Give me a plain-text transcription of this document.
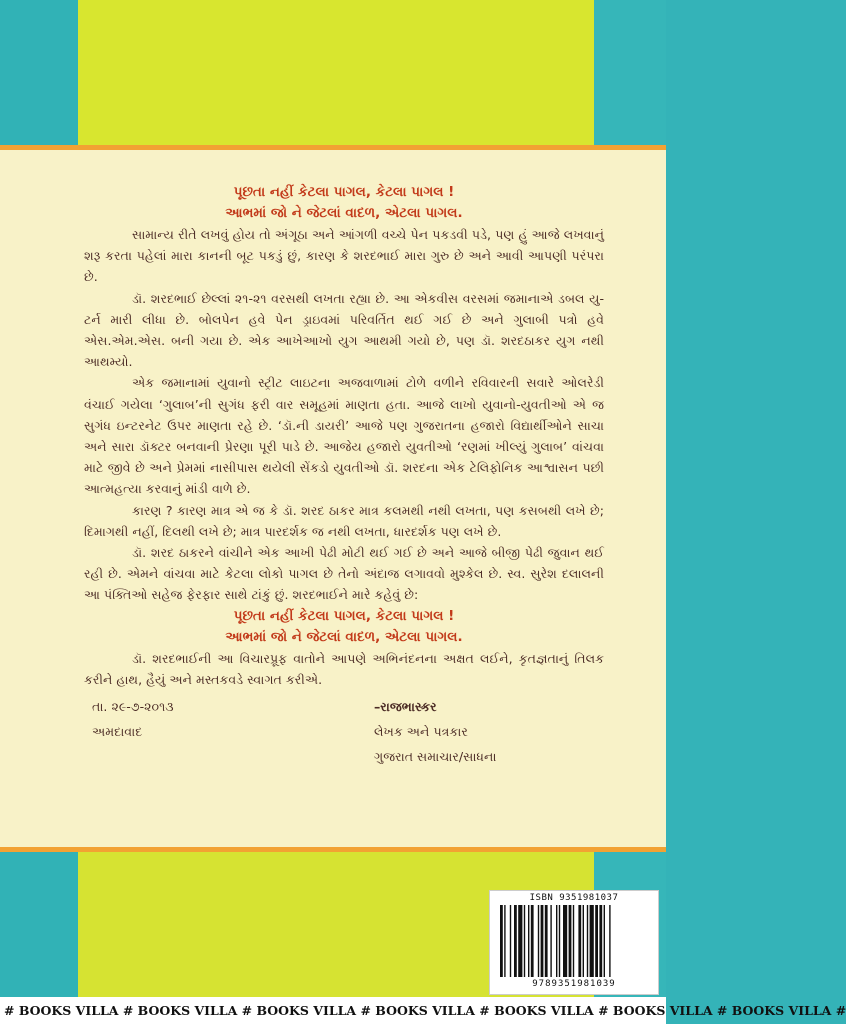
પૂછતા નહીં કેટલા પાગલ, કેટલા પાગલ !

આભમાં જો ને જેટલાં વાદળ, એટલા પાગલ.

સામાન્ય રીતે લખવું હોય તો અંગૂઠા અને આંગળી વચ્ચે પેન પકડવી પડે, પણ હું આજે લખવાનું શરૂ કરતા પહેલાં મારા કાનની બૂટ પકડું છું, કારણ કે શરદભાઈ મારા ગુરુ છે અને આવી આપણી પરંપરા છે.

ડૉ. શરદભાઈ છેલ્લાં ૨૧-૨૧ વરસથી લખતા રહ્યા છે. આ એકવીસ વરસમાં જમાનાએ ડબલ યુ-ટર્ન મારી લીધા છે. બોલપેન હવે પેન ડ્રાઇવમાં પરિવર્તિત થઈ ગઈ છે અને ગુલાબી પત્રો હવે એસ.એમ.એસ. બની ગયા છે. એક આખેઆખો યુગ આથમી ગયો છે, પણ ડૉ. શરદઠાકર યુગ નથી આથમ્યો.

એક જમાનામાં યુવાનો સ્ટ્રીટ લાઇટના અજવાળામાં ટોળે વળીને રવિવારની સવારે ઓલરેડી વંચાઈ ગયેલા ‘ગુલાબ’ની સુગંધ ફરી વાર સમૂહમાં માણતા હતા. આજે લાખો યુવાનો-યુવતીઓ એ જ સુગંધ ઇન્ટરનેટ ઉપર માણતા રહે છે. ‘ડૉ.ની ડાયરી’ આજે પણ ગુજરાતના હજારો વિદ્યાર્થીઓને સાચા અને સારા ડૉક્ટર બનવાની પ્રેરણા પૂરી પાડે છે. આજેય હજારો યુવતીઓ ‘રણમાં ખીલ્યું ગુલાબ’ વાંચવા માટે જીવે છે અને પ્રેમમાં નાસીપાસ થયેલી સેંકડો યુવતીઓ ડૉ. શરદના એક ટેલિફોનિક આશ્વાસન પછી આત્મહત્યા કરવાનું માંડી વાળે છે.

કારણ ? કારણ માત્ર એ જ કે ડૉ. શરદ ઠાકર માત્ર કલમથી નથી લખતા, પણ કસબથી લખે છે; દિમાગથી નહીં, દિલથી લખે છે; માત્ર પારદર્શક જ નથી લખતા, ધારદર્શક પણ લખે છે.

ડૉ. શરદ ઠાકરને વાંચીને એક આખી પેઢી મોટી થઈ ગઈ છે અને આજે બીજી પેઢી જુવાન થઈ રહી છે. એમને વાંચવા માટે કેટલા લોકો પાગલ છે તેનો અંદાજ લગાવવો મુશ્કેલ છે. સ્વ. સુરેશ દલાલની આ પંક્તિઓ સહેજ ફેરફાર સાથે ટાંકું છું. શરદભાઈને મારે કહેવું છે:

પૂછતા નહીં કેટલા પાગલ, કેટલા પાગલ !

આભમાં જો ને જેટલાં વાદળ, એટલા પાગલ.

ડૉ. શરદભાઈની આ વિચારપ્રૂફ વાતોને આપણે અભિનંદનના અક્ષત લઈને, કૃતજ્ઞતાનું તિલક કરીને હાથ, હૈયું અને મસ્તકવડે સ્વાગત કરીએ.

તા. ૨૯-૭-૨૦૧૩
અમદાવાદ
–રાજભાસ્કર
લેખક અને પત્રકાર
ગુજરાત સમાચાર/સાધના
ISBN 9351981037
9789351981039
# BOOKS VILLA # BOOKS VILLA # BOOKS VILLA # BOOKS VILLA # BOOKS VILLA # BOOKS VILLA # BOOKS VILLA #
